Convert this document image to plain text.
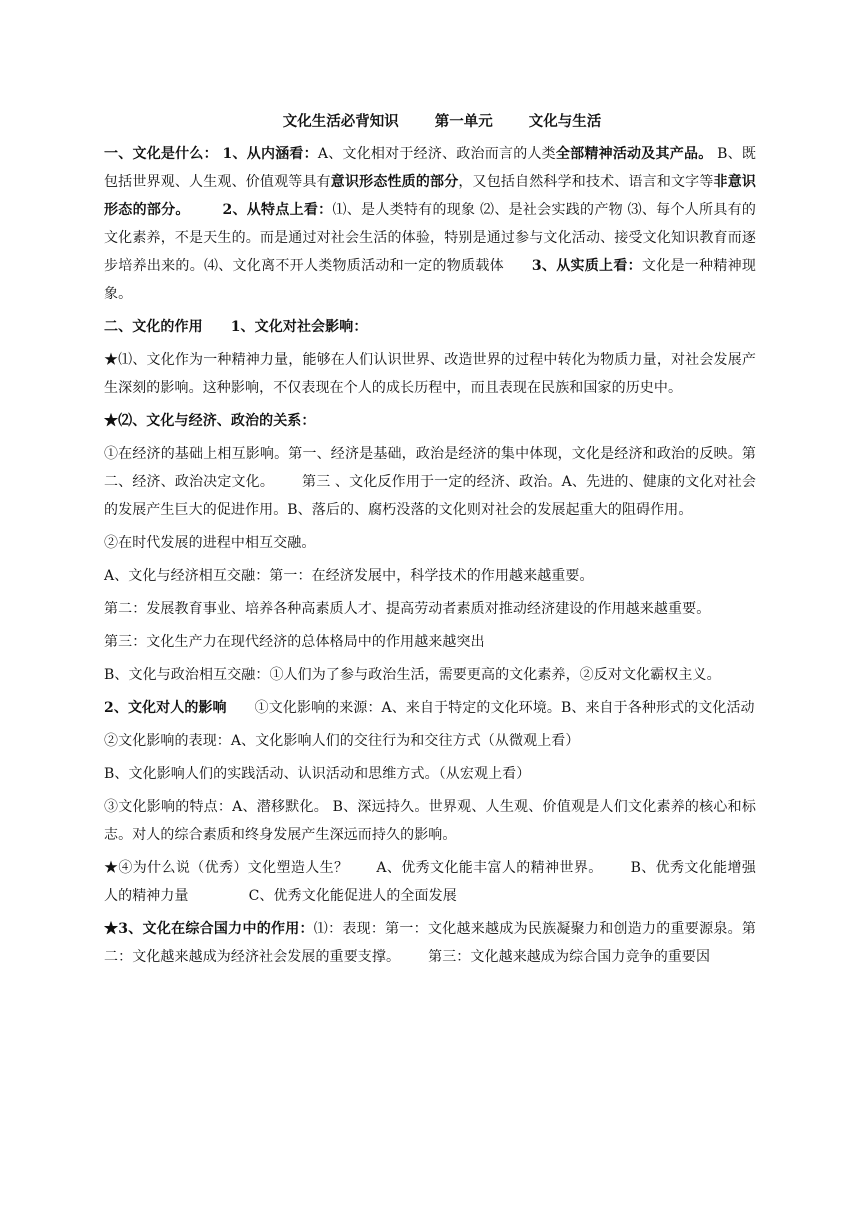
文化生活必背知识 第一单元 文化与生活

一、文化是什么： 1、从内涵看：A、文化相对于经济、政治而言的人类全部精神活动及其产品。 B、既包括世界观、人生观、价值观等具有意识形态性质的部分，又包括自然科学和技术、语言和文字等非意识形态的部分。 2、从特点上看：⑴、是人类特有的现象 ⑵、是社会实践的产物 ⑶、每个人所具有的文化素养，不是天生的。而是通过对社会生活的体验，特别是通过参与文化活动、接受文化知识教育而逐步培养出来的。⑷、文化离不开人类物质活动和一定的物质载体 3、从实质上看：文化是一种精神现象。

二、文化的作用 1、文化对社会影响：

★⑴、文化作为一种精神力量，能够在人们认识世界、改造世界的过程中转化为物质力量，对社会发展产生深刻的影响。这种影响，不仅表现在个人的成长历程中，而且表现在民族和国家的历史中。

★⑵、文化与经济、政治的关系：

①在经济的基础上相互影响。第一、经济是基础，政治是经济的集中体现，文化是经济和政治的反映。第二、经济、政治决定文化。 第三 、文化反作用于一定的经济、政治。A、先进的、健康的文化对社会的发展产生巨大的促进作用。B、落后的、腐朽没落的文化则对社会的发展起重大的阻碍作用。

②在时代发展的进程中相互交融。

A、文化与经济相互交融：第一：在经济发展中，科学技术的作用越来越重要。

第二：发展教育事业、培养各种高素质人才、提高劳动者素质对推动经济建设的作用越来越重要。

第三：文化生产力在现代经济的总体格局中的作用越来越突出

B、文化与政治相互交融：①人们为了参与政治生活，需要更高的文化素养，②反对文化霸权主义。

2、文化对人的影响 ①文化影响的来源：A、来自于特定的文化环境。B、来自于各种形式的文化活动

②文化影响的表现：A、文化影响人们的交往行为和交往方式（从微观上看）

B、文化影响人们的实践活动、认识活动和思维方式。（从宏观上看）

③文化影响的特点：A、潜移默化。 B、深远持久。世界观、人生观、价值观是人们文化素养的核心和标志。对人的综合素质和终身发展产生深远而持久的影响。

★④为什么说（优秀）文化塑造人生？ A、优秀文化能丰富人的精神世界。 B、优秀文化能增强人的精神力量	C、优秀文化能促进人的全面发展

★3、文化在综合国力中的作用：⑴：表现：第一：文化越来越成为民族凝聚力和创造力的重要源泉。第二：文化越来越成为经济社会发展的重要支撑。 第三：文化越来越成为综合国力竞争的重要因
